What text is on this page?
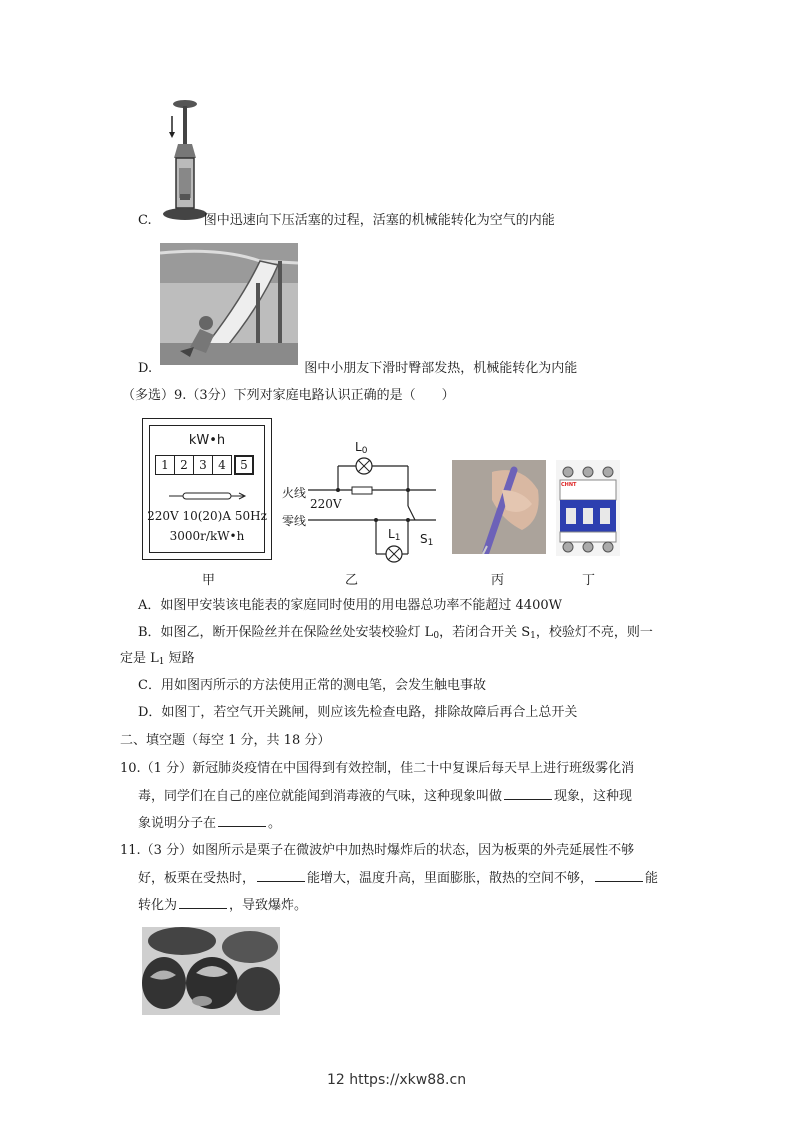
C.	图中迅速向下压活塞的过程，活塞的机械能转化为空气的内能
D.	图中小朋友下滑时臀部发热，机械能转化为内能
（多选）9.（3分）下列对家庭电路认识正确的是（　　）
kW•h
1 2 3 4	5
220V 10(20)A 50Hz
3000r/kW•h
$L_0$
火线
220V
零线
$L_1$ $S_1$
CHNT
甲	乙	丙	丁
A．如图甲安装该电能表的家庭同时使用的用电器总功率不能超过 4400W
B．如图乙，断开保险丝并在保险丝处安装校验灯 $L_0$，若闭合开关 $S_1$，校验灯不亮，则一
定是 $L_1$ 短路
C．用如图丙所示的方法使用正常的测电笔，会发生触电事故
D．如图丁，若空气开关跳闸，则应该先检查电路，排除故障后再合上总开关
二、填空题（每空 1 分，共 18 分）
10.（1 分）新冠肺炎疫情在中国得到有效控制，佳二十中复课后每天早上进行班级雾化消
毒，同学们在自己的座位就能闻到消毒液的气味，这种现象叫做	现象，这种现
象说明分子在	。
11.（3 分）如图所示是栗子在微波炉中加热时爆炸后的状态，因为板栗的外壳延展性不够
好，板栗在受热时，	能增大，温度升高，里面膨胀，散热的空间不够，	能
转化为	，导致爆炸。
12 https://xkw88.cn
